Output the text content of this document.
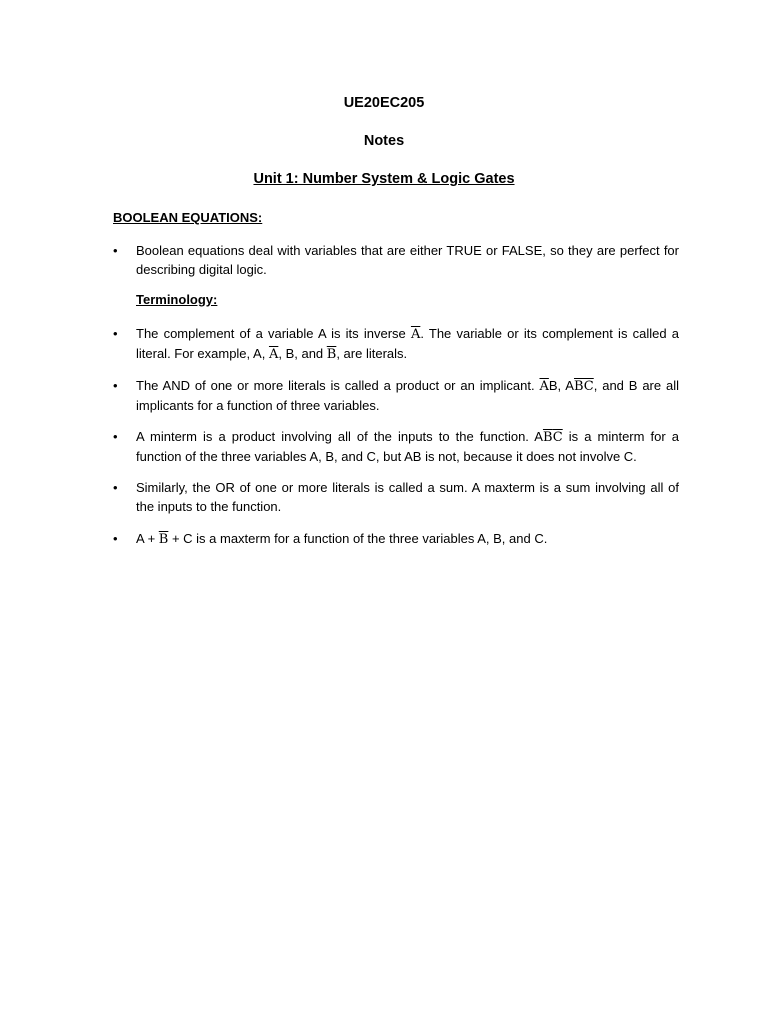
UE20EC205
Notes
Unit 1: Number System & Logic Gates
BOOLEAN EQUATIONS:
•	Boolean equations deal with variables that are either TRUE or FALSE, so they are perfect for describing digital logic.
Terminology:
•	The complement of a variable A is its inverse $\overline{A}$. The variable or its complement is called a literal. For example, A, $\overline{A}$, B, and $\overline{B}$, are literals.
•	The AND of one or more literals is called a product or an implicant. $\overline{A}B$, $A\overline{BC}$, and B are all implicants for a function of three variables.
•	A minterm is a product involving all of the inputs to the function. $A\overline{B}\overline{C}$ is a minterm for a function of the three variables A, B, and C, but AB is not, because it does not involve C.
•	Similarly, the OR of one or more literals is called a sum. A maxterm is a sum involving all of the inputs to the function.
•	$A + \overline{B} + C$ is a maxterm for a function of the three variables A, B, and C.
